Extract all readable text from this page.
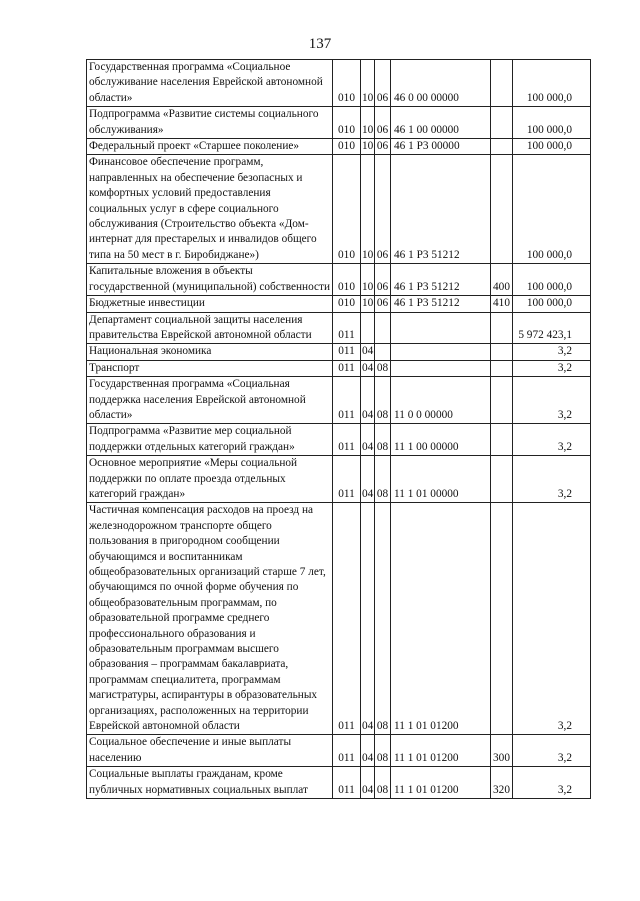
137
Государственная программа «Социальное обслуживание населения Еврейской автономной области»	010	10	06	46 0 00 00000		100 000,0
Подпрограмма «Развитие системы социального обслуживания»	010	10	06	46 1 00 00000		100 000,0
Федеральный проект «Старшее поколение»	010	10	06	46 1 Р3 00000		100 000,0
Финансовое обеспечение программ, направленных на обеспечение безопасных и комфортных условий предоставления социальных услуг в сфере социального обслуживания (Строительство объекта «Дом-интернат для престарелых и инвалидов общего типа на 50 мест в г. Биробиджане»)	010	10	06	46 1 Р3 51212		100 000,0
Капитальные вложения в объекты государственной (муниципальной) собственности	010	10	06	46 1 Р3 51212	400	100 000,0
Бюджетные инвестиции	010	10	06	46 1 Р3 51212	410	100 000,0
Департамент социальной защиты населения правительства Еврейской автономной области	011					5 972 423,1
Национальная экономика	011	04				3,2
Транспорт	011	04	08			3,2
Государственная программа «Социальная поддержка населения Еврейской автономной области»	011	04	08	11 0 0 00000		3,2
Подпрограмма «Развитие мер социальной поддержки отдельных категорий граждан»	011	04	08	11 1 00 00000		3,2
Основное мероприятие «Меры социальной поддержки по оплате проезда отдельных категорий граждан»	011	04	08	11 1 01 00000		3,2
Частичная компенсация расходов на проезд на железнодорожном транспорте общего пользования в пригородном сообщении обучающимся и воспитанникам общеобразовательных организаций старше 7 лет, обучающимся по очной форме обучения по общеобразовательным программам, по образовательной программе среднего профессионального образования и образовательным программам высшего образования – программам бакалавриата, программам специалитета, программам магистратуры, аспирантуры в образовательных организациях, расположенных на территории Еврейской автономной области	011	04	08	11 1 01 01200		3,2
Социальное обеспечение и иные выплаты населению	011	04	08	11 1 01 01200	300	3,2
Социальные выплаты гражданам, кроме публичных нормативных социальных выплат	011	04	08	11 1 01 01200	320	3,2
